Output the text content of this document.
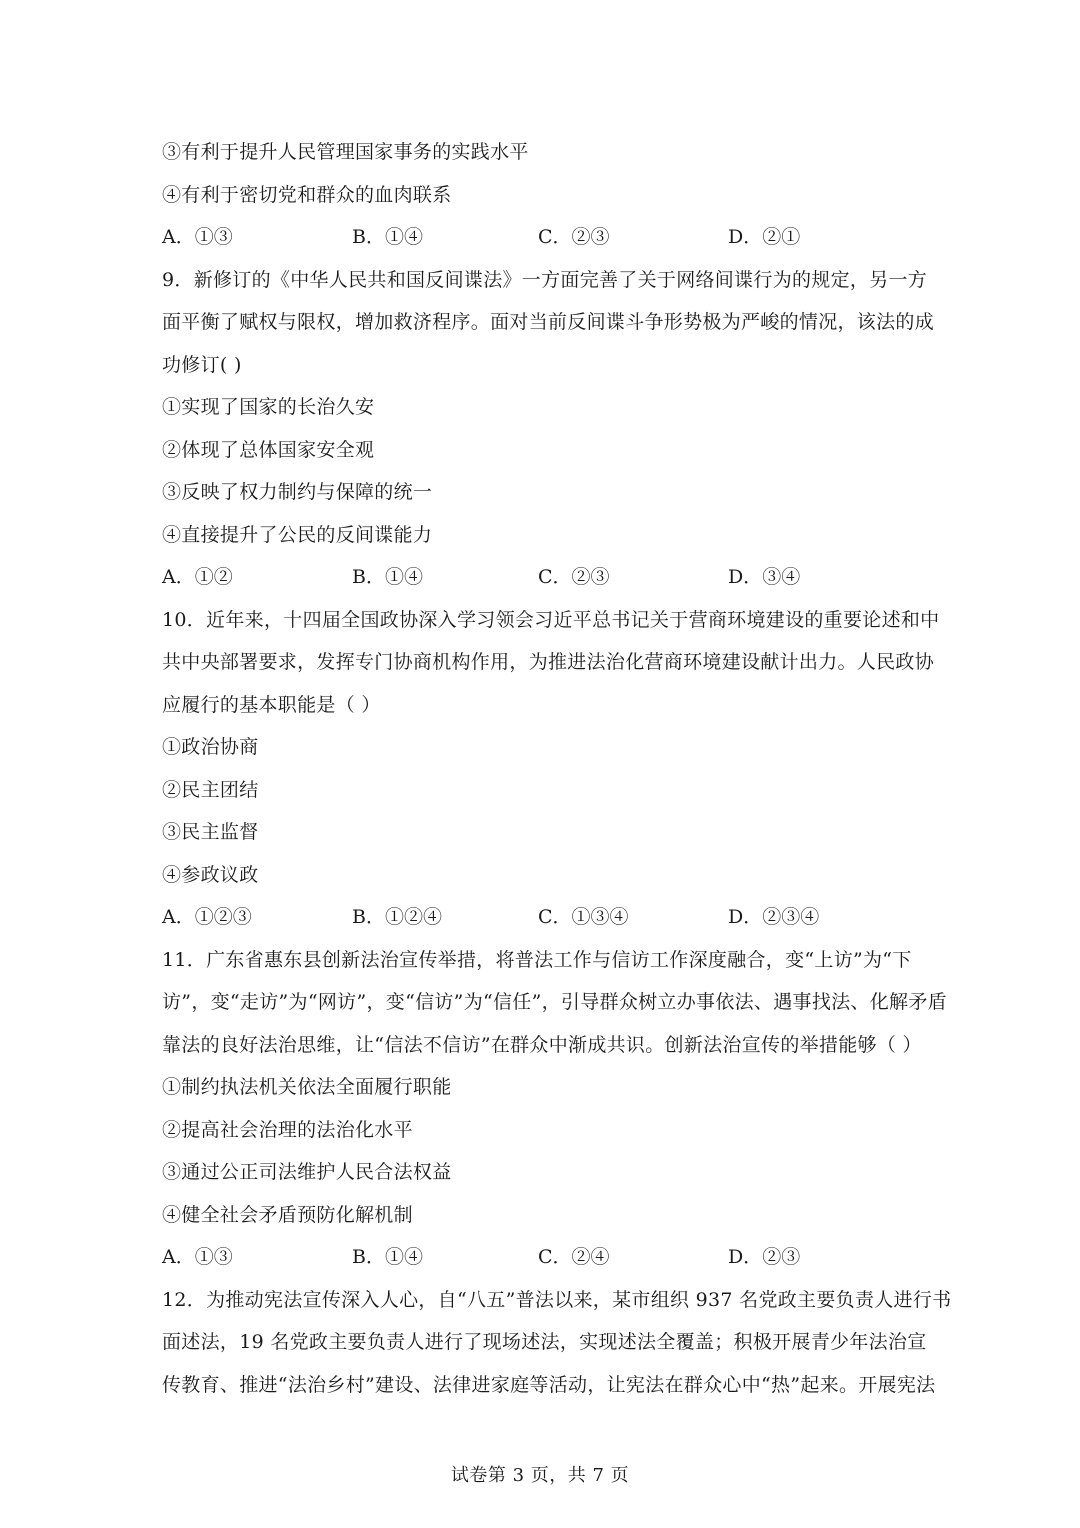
③有利于提升人民管理国家事务的实践水平
④有利于密切党和群众的血肉联系
A．①③	B．①④	C．②③	D．②①
9．新修订的《中华人民共和国反间谍法》一方面完善了关于网络间谍行为的规定，另一方
面平衡了赋权与限权，增加救济程序。面对当前反间谍斗争形势极为严峻的情况，该法的成
功修订( )
①实现了国家的长治久安
②体现了总体国家安全观
③反映了权力制约与保障的统一
④直接提升了公民的反间谍能力
A．①②	B．①④	C．②③	D．③④
10．近年来，十四届全国政协深入学习领会习近平总书记关于营商环境建设的重要论述和中
共中央部署要求，发挥专门协商机构作用，为推进法治化营商环境建设献计出力。人民政协
应履行的基本职能是（ ）
①政治协商
②民主团结
③民主监督
④参政议政
A．①②③	B．①②④	C．①③④	D．②③④
11．广东省惠东县创新法治宣传举措，将普法工作与信访工作深度融合，变“上访”为“下
访”，变“走访”为“网访”，变“信访”为“信任”，引导群众树立办事依法、遇事找法、化解矛盾
靠法的良好法治思维，让“信法不信访”在群众中渐成共识。创新法治宣传的举措能够（ ）
①制约执法机关依法全面履行职能
②提高社会治理的法治化水平
③通过公正司法维护人民合法权益
④健全社会矛盾预防化解机制
A．①③	B．①④	C．②④	D．②③
12．为推动宪法宣传深入人心，自“八五”普法以来，某市组织 937 名党政主要负责人进行书
面述法，19 名党政主要负责人进行了现场述法，实现述法全覆盖；积极开展青少年法治宣
传教育、推进“法治乡村”建设、法律进家庭等活动，让宪法在群众心中“热”起来。开展宪法
试卷第 3 页，共 7 页
